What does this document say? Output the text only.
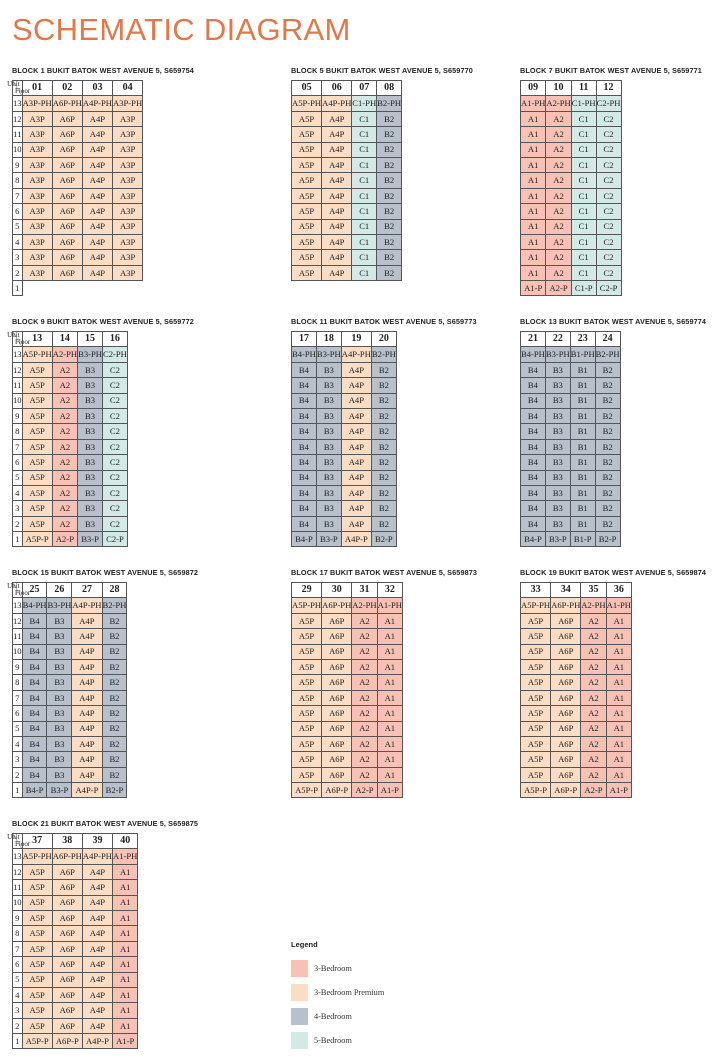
SCHEMATIC DIAGRAM
BLOCK 1 BUKIT BATOK WEST AVENUE 5, S659754
Unit
Floor	01	02	03	04
13	A3P-PH	A6P-PH	A4P-PH	A3P-PH
12	A3P	A6P	A4P	A3P
11	A3P	A6P	A4P	A3P
10	A3P	A6P	A4P	A3P
9	A3P	A6P	A4P	A3P
8	A3P	A6P	A4P	A3P
7	A3P	A6P	A4P	A3P
6	A3P	A6P	A4P	A3P
5	A3P	A6P	A4P	A3P
4	A3P	A6P	A4P	A3P
3	A3P	A6P	A4P	A3P
2	A3P	A6P	A4P	A3P
1				
BLOCK 5 BUKIT BATOK WEST AVENUE 5, S659770
05	06	07	08
A5P-PH	A4P-PH	C1-PH	B2-PH
A5P	A4P	C1	B2
A5P	A4P	C1	B2
A5P	A4P	C1	B2
A5P	A4P	C1	B2
A5P	A4P	C1	B2
A5P	A4P	C1	B2
A5P	A4P	C1	B2
A5P	A4P	C1	B2
A5P	A4P	C1	B2
A5P	A4P	C1	B2
A5P	A4P	C1	B2
BLOCK 7 BUKIT BATOK WEST AVENUE 5, S659771
09	10	11	12
A1-PH	A2-PH	C1-PH	C2-PH
A1	A2	C1	C2
A1	A2	C1	C2
A1	A2	C1	C2
A1	A2	C1	C2
A1	A2	C1	C2
A1	A2	C1	C2
A1	A2	C1	C2
A1	A2	C1	C2
A1	A2	C1	C2
A1	A2	C1	C2
A1	A2	C1	C2
A1-P	A2-P	C1-P	C2-P
BLOCK 9 BUKIT BATOK WEST AVENUE 5, S659772
Unit
Floor	13	14	15	16
13	A5P-PH	A2-PH	B3-PH	C2-PH
12	A5P	A2	B3	C2
11	A5P	A2	B3	C2
10	A5P	A2	B3	C2
9	A5P	A2	B3	C2
8	A5P	A2	B3	C2
7	A5P	A2	B3	C2
6	A5P	A2	B3	C2
5	A5P	A2	B3	C2
4	A5P	A2	B3	C2
3	A5P	A2	B3	C2
2	A5P	A2	B3	C2
1	A5P-P	A2-P	B3-P	C2-P
BLOCK 11 BUKIT BATOK WEST AVENUE 5, S659773
17	18	19	20
B4-PH	B3-PH	A4P-PH	B2-PH
B4	B3	A4P	B2
B4	B3	A4P	B2
B4	B3	A4P	B2
B4	B3	A4P	B2
B4	B3	A4P	B2
B4	B3	A4P	B2
B4	B3	A4P	B2
B4	B3	A4P	B2
B4	B3	A4P	B2
B4	B3	A4P	B2
B4	B3	A4P	B2
B4-P	B3-P	A4P-P	B2-P
BLOCK 13 BUKIT BATOK WEST AVENUE 5, S659774
21	22	23	24
B4-PH	B3-PH	B1-PH	B2-PH
B4	B3	B1	B2
B4	B3	B1	B2
B4	B3	B1	B2
B4	B3	B1	B2
B4	B3	B1	B2
B4	B3	B1	B2
B4	B3	B1	B2
B4	B3	B1	B2
B4	B3	B1	B2
B4	B3	B1	B2
B4	B3	B1	B2
B4-P	B3-P	B1-P	B2-P
BLOCK 15 BUKIT BATOK WEST AVENUE 5, S659872
Unit
Floor	25	26	27	28
13	B4-PH	B3-PH	A4P-PH	B2-PH
12	B4	B3	A4P	B2
11	B4	B3	A4P	B2
10	B4	B3	A4P	B2
9	B4	B3	A4P	B2
8	B4	B3	A4P	B2
7	B4	B3	A4P	B2
6	B4	B3	A4P	B2
5	B4	B3	A4P	B2
4	B4	B3	A4P	B2
3	B4	B3	A4P	B2
2	B4	B3	A4P	B2
1	B4-P	B3-P	A4P-P	B2-P
BLOCK 17 BUKIT BATOK WEST AVENUE 5, S659873
29	30	31	32
A5P-PH	A6P-PH	A2-PH	A1-PH
A5P	A6P	A2	A1
A5P	A6P	A2	A1
A5P	A6P	A2	A1
A5P	A6P	A2	A1
A5P	A6P	A2	A1
A5P	A6P	A2	A1
A5P	A6P	A2	A1
A5P	A6P	A2	A1
A5P	A6P	A2	A1
A5P	A6P	A2	A1
A5P	A6P	A2	A1
A5P-P	A6P-P	A2-P	A1-P
BLOCK 19 BUKIT BATOK WEST AVENUE 5, S659874
33	34	35	36
A5P-PH	A6P-PH	A2-PH	A1-PH
A5P	A6P	A2	A1
A5P	A6P	A2	A1
A5P	A6P	A2	A1
A5P	A6P	A2	A1
A5P	A6P	A2	A1
A5P	A6P	A2	A1
A5P	A6P	A2	A1
A5P	A6P	A2	A1
A5P	A6P	A2	A1
A5P	A6P	A2	A1
A5P	A6P	A2	A1
A5P-P	A6P-P	A2-P	A1-P
BLOCK 21 BUKIT BATOK WEST AVENUE 5, S659875
Unit
Floor	37	38	39	40
13	A5P-PH	A6P-PH	A4P-PH	A1-PH
12	A5P	A6P	A4P	A1
11	A5P	A6P	A4P	A1
10	A5P	A6P	A4P	A1
9	A5P	A6P	A4P	A1
8	A5P	A6P	A4P	A1
7	A5P	A6P	A4P	A1
6	A5P	A6P	A4P	A1
5	A5P	A6P	A4P	A1
4	A5P	A6P	A4P	A1
3	A5P	A6P	A4P	A1
2	A5P	A6P	A4P	A1
1	A5P-P	A6P-P	A4P-P	A1-P
Legend
3-Bedroom
3-Bedroom Premium
4-Bedroom
5-Bedroom
